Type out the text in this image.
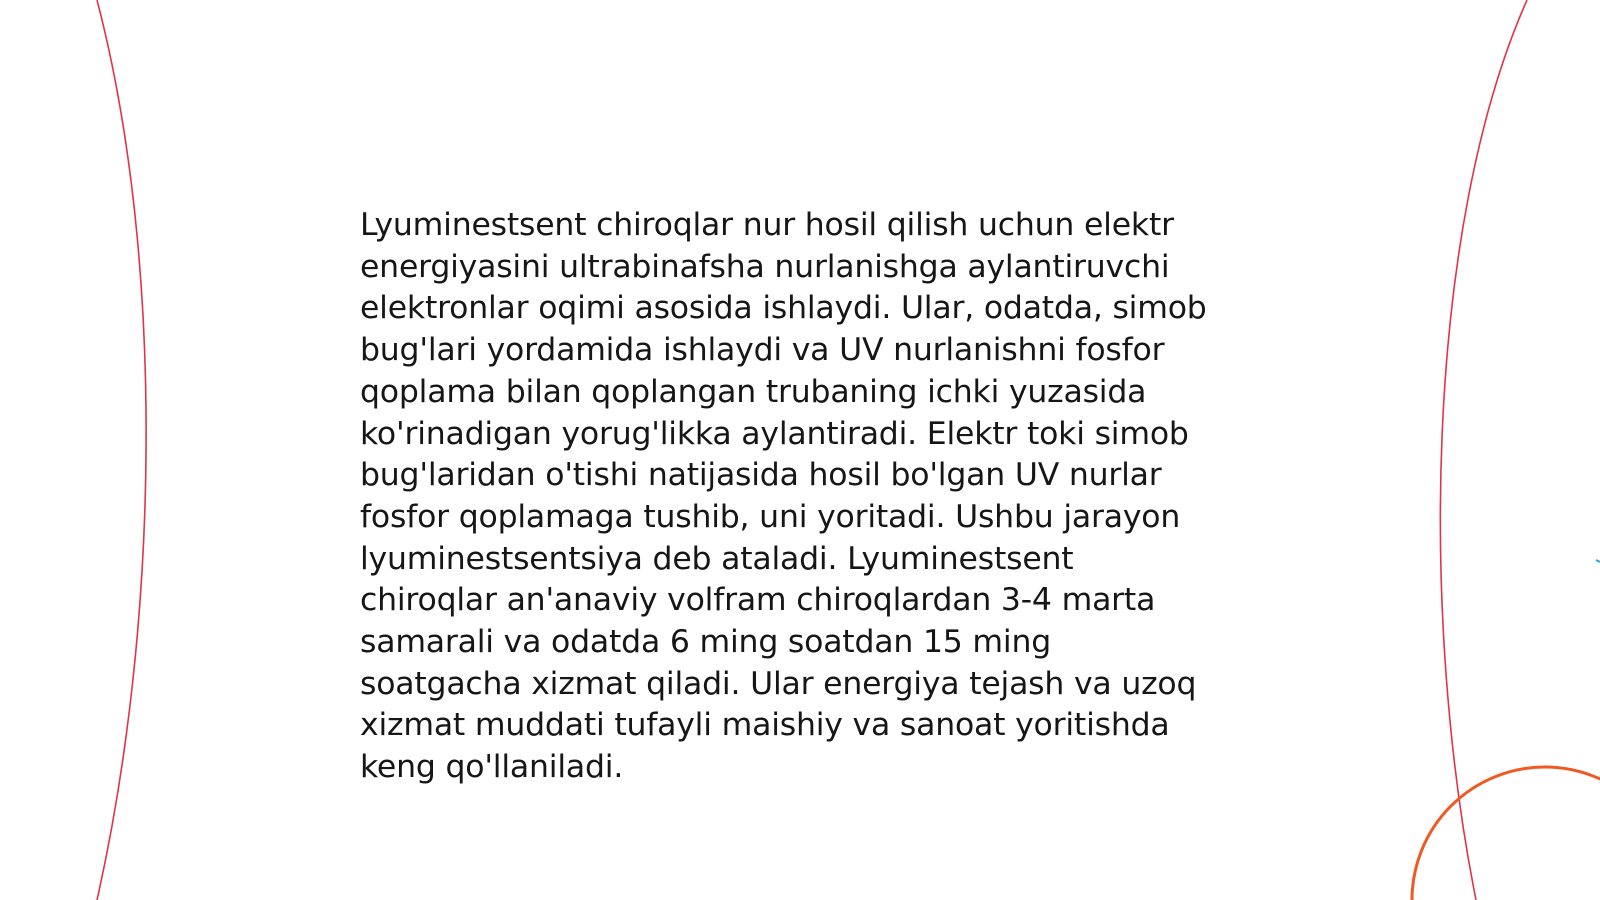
Lyuminestsent chiroqlar nur hosil qilish uchun elektr
energiyasini ultrabinafsha nurlanishga aylantiruvchi
elektronlar oqimi asosida ishlaydi. Ular, odatda, simob
bug'lari yordamida ishlaydi va UV nurlanishni fosfor
qoplama bilan qoplangan trubaning ichki yuzasida
ko'rinadigan yorug'likka aylantiradi. Elektr toki simob
bug'laridan o'tishi natijasida hosil bo'lgan UV nurlar
fosfor qoplamaga tushib, uni yoritadi. Ushbu jarayon
lyuminestsentsiya deb ataladi. Lyuminestsent
chiroqlar an'anaviy volfram chiroqlardan 3-4 marta
samarali va odatda 6 ming soatdan 15 ming
soatgacha xizmat qiladi. Ular energiya tejash va uzoq
xizmat muddati tufayli maishiy va sanoat yoritishda
keng qo'llaniladi.
